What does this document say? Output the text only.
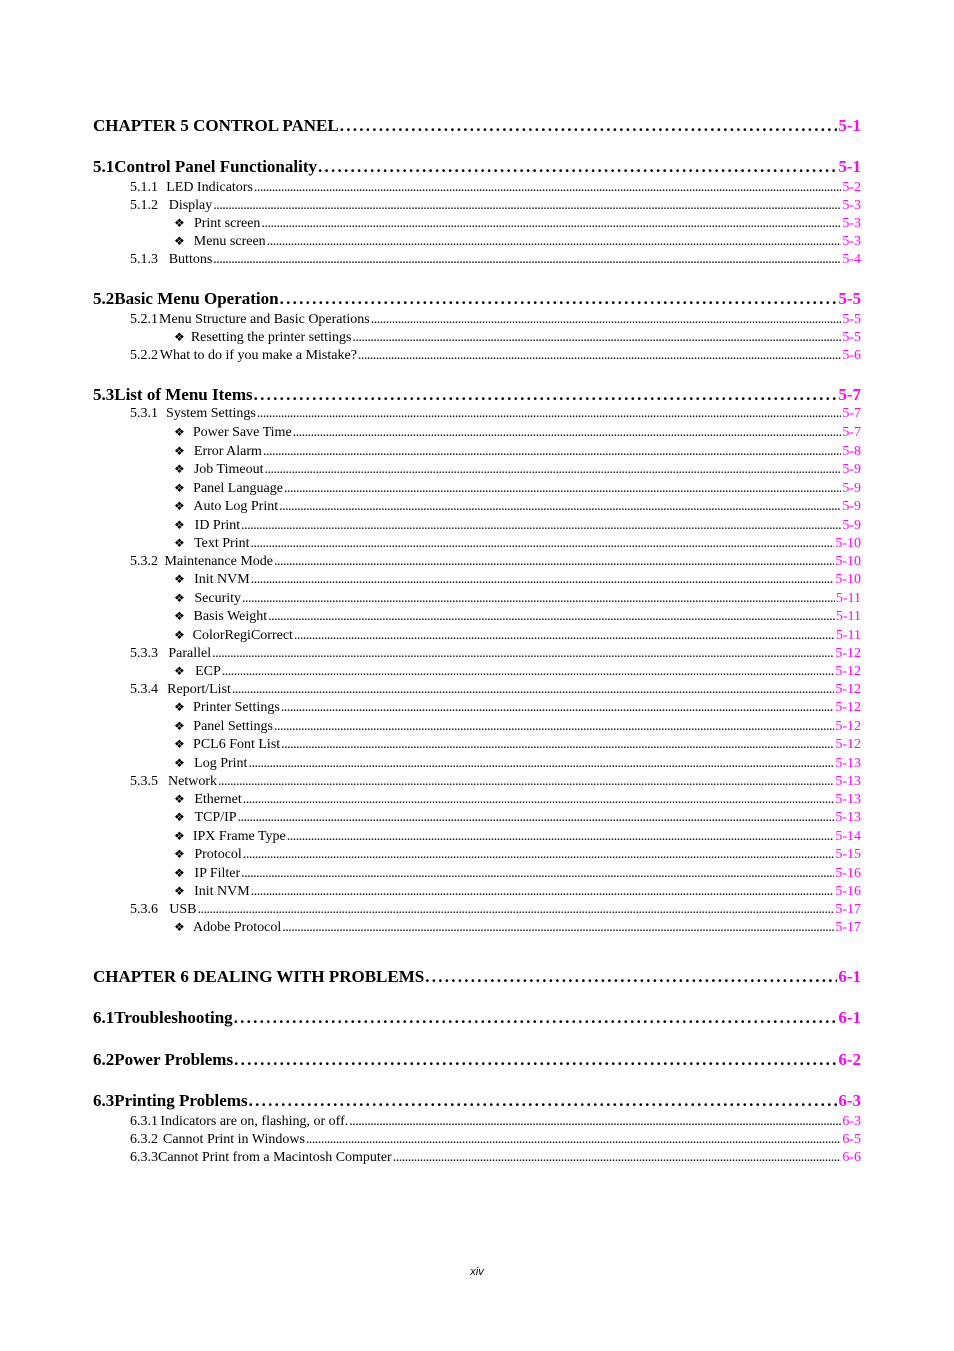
CHAPTER 5 CONTROL PANEL . . .	5-1
5.1 Control Panel Functionality . . .	5-1
5.1.1 LED Indicators . . .	5-2
5.1.2 Display . . .	5-3
❖ Print screen . . .	5-3
❖ Menu screen . . .	5-3
5.1.3 Buttons . . .	5-4
5.2 Basic Menu Operation . . .	5-5
5.2.1 Menu Structure and Basic Operations . . .	5-5
❖ Resetting the printer settings . . .	5-5
5.2.2 What to do if you make a Mistake? . . .	5-6
5.3 List of Menu Items . . .	5-7
5.3.1 System Settings . . .	5-7
❖ Power Save Time . . .	5-7
❖ Error Alarm . . .	5-8
❖ Job Timeout . . .	5-9
❖ Panel Language . . .	5-9
❖ Auto Log Print . . .	5-9
❖ ID Print . . .	5-9
❖ Text Print . . .	5-10
5.3.2 Maintenance Mode . . .	5-10
❖ Init NVM . . .	5-10
❖ Security . . .	5-11
❖ Basis Weight . . .	5-11
❖ ColorRegiCorrect . . .	5-11
5.3.3 Parallel . . .	5-12
❖ ECP . . .	5-12
5.3.4 Report/List . . .	5-12
❖ Printer Settings . . .	5-12
❖ Panel Settings . . .	5-12
❖ PCL6 Font List . . .	5-12
❖ Log Print . . .	5-13
5.3.5 Network . . .	5-13
❖ Ethernet . . .	5-13
❖ TCP/IP . . .	5-13
❖ IPX Frame Type . . .	5-14
❖ Protocol . . .	5-15
❖ IP Filter . . .	5-16
❖ Init NVM . . .	5-16
5.3.6 USB . . .	5-17
❖ Adobe Protocol . . .	5-17
CHAPTER 6 DEALING WITH PROBLEMS . . .	6-1
6.1 Troubleshooting . . .	6-1
6.2 Power Problems . . .	6-2
6.3 Printing Problems . . .	6-3
6.3.1 Indicators are on, flashing, or off. . . .	6-3
6.3.2 Cannot Print in Windows . . .	6-5
6.3.3 Cannot Print from a Macintosh Computer . . .	6-6
xiv
